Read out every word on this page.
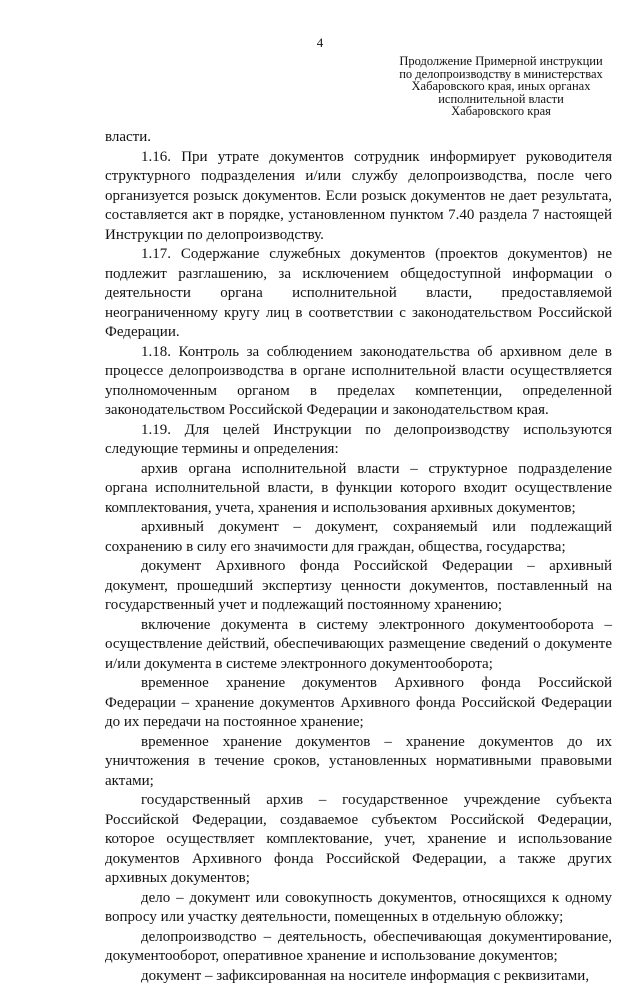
4
Продолжение Примерной инструкции
по делопроизводству в министерствах
Хабаровского края, иных органах
исполнительной власти
Хабаровского края

власти.

1.16. При утрате документов сотрудник информирует руководителя структурного подразделения и/или службу делопроизводства, после чего организуется розыск документов. Если розыск документов не дает результата, составляется акт в порядке, установленном пунктом 7.40 раздела 7 настоящей Инструкции по делопроизводству.

1.17. Содержание служебных документов (проектов документов) не подлежит разглашению, за исключением общедоступной информации о деятельности органа исполнительной власти, предоставляемой неограниченному кругу лиц в соответствии с законодательством Российской Федерации.

1.18. Контроль за соблюдением законодательства об архивном деле в процессе делопроизводства в органе исполнительной власти осуществляется уполномоченным органом в пределах компетенции, определенной законодательством Российской Федерации и законодательством края.

1.19. Для целей Инструкции по делопроизводству используются следующие термины и определения:

архив органа исполнительной власти – структурное подразделение органа исполнительной власти, в функции которого входит осуществление комплектования, учета, хранения и использования архивных документов;

архивный документ – документ, сохраняемый или подлежащий сохранению в силу его значимости для граждан, общества, государства;

документ Архивного фонда Российской Федерации – архивный документ, прошедший экспертизу ценности документов, поставленный на государственный учет и подлежащий постоянному хранению;

включение документа в систему электронного документооборота – осуществление действий, обеспечивающих размещение сведений о документе и/или документа в системе электронного документооборота;

временное хранение документов Архивного фонда Российской Федерации – хранение документов Архивного фонда Российской Федерации до их передачи на постоянное хранение;

временное хранение документов – хранение документов до их уничтожения в течение сроков, установленных нормативными правовыми актами;

государственный архив – государственное учреждение субъекта Российской Федерации, создаваемое субъектом Российской Федерации, которое осуществляет комплектование, учет, хранение и использование документов Архивного фонда Российской Федерации, а также других архивных документов;

дело – документ или совокупность документов, относящихся к одному вопросу или участку деятельности, помещенных в отдельную обложку;

делопроизводство – деятельность, обеспечивающая документирование, документооборот, оперативное хранение и использование документов;

документ – зафиксированная на носителе информация с реквизитами,
